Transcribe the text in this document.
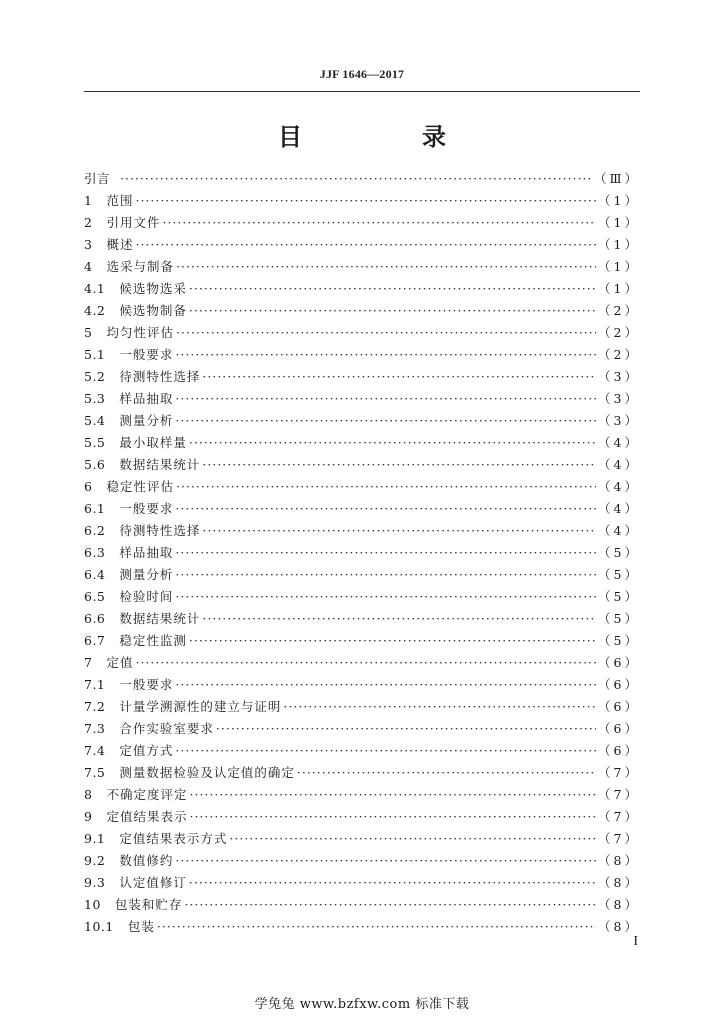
JJF 1646—2017
目　录
引言 ·····	（Ⅲ）
1 范围 ·····	（1）
2 引用文件 ·····	（1）
3 概述 ·····	（1）
4 选采与制备 ·····	（1）
4.1 候选物选采 ·····	（1）
4.2 候选物制备 ·····	（2）
5 均匀性评估 ·····	（2）
5.1 一般要求 ·····	（2）
5.2 待测特性选择 ·····	（3）
5.3 样品抽取 ·····	（3）
5.4 测量分析 ·····	（3）
5.5 最小取样量 ·····	（4）
5.6 数据结果统计 ·····	（4）
6 稳定性评估 ·····	（4）
6.1 一般要求 ·····	（4）
6.2 待测特性选择 ·····	（4）
6.3 样品抽取 ·····	（5）
6.4 测量分析 ·····	（5）
6.5 检验时间 ·····	（5）
6.6 数据结果统计 ·····	（5）
6.7 稳定性监测 ·····	（5）
7 定值 ·····	（6）
7.1 一般要求 ·····	（6）
7.2 计量学溯源性的建立与证明 ·····	（6）
7.3 合作实验室要求 ·····	（6）
7.4 定值方式 ·····	（6）
7.5 测量数据检验及认定值的确定 ·····	（7）
8 不确定度评定 ·····	（7）
9 定值结果表示 ·····	（7）
9.1 定值结果表示方式 ·····	（7）
9.2 数值修约 ·····	（8）
9.3 认定值修订 ·····	（8）
10 包装和贮存 ·····	（8）
10.1 包装 ·····	（8）
I
学兔兔 www.bzfxw.com 标准下载
